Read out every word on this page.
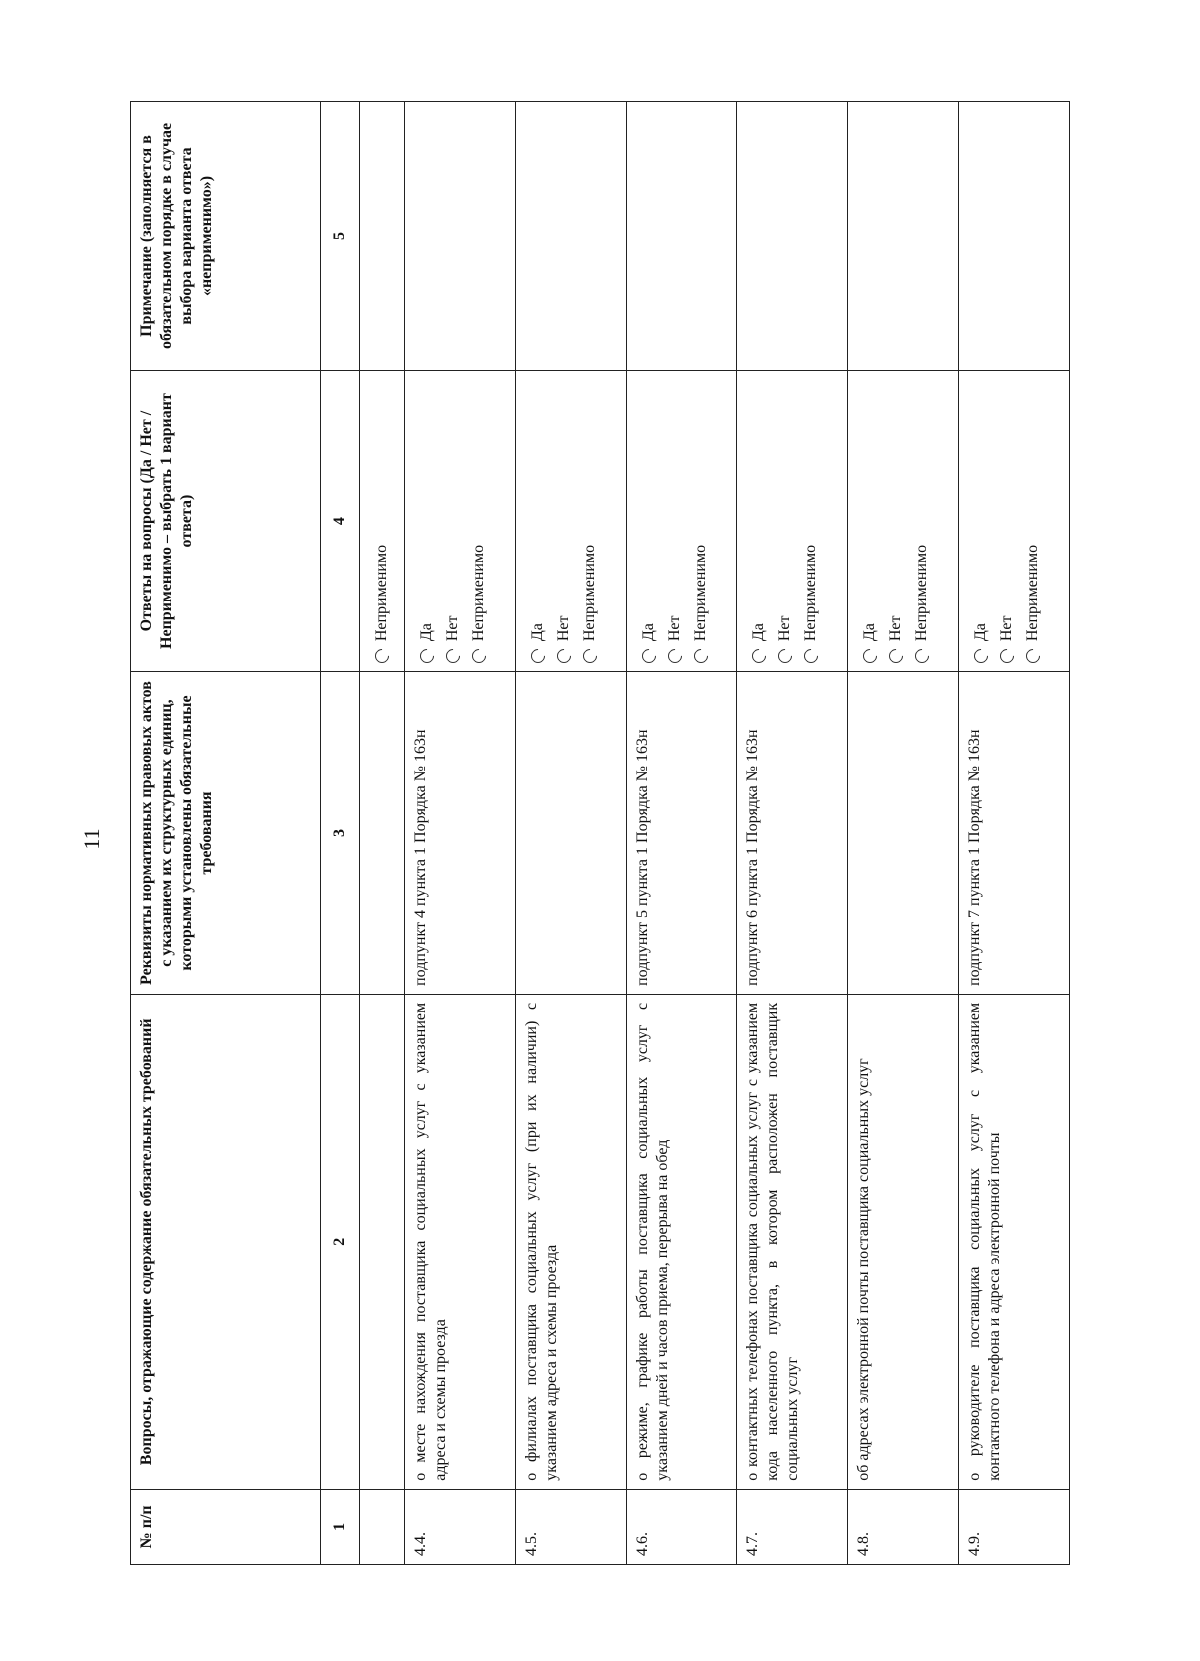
11
№ п/п	Вопросы, отражающие содержание обязательных требований	Реквизиты нормативных правовых актов с указанием их структурных единиц, которыми установлены обязательные требования	Ответы на вопросы (Да / Нет / Неприменимо – выбрать 1 вариант ответа)	Примечание (заполняется в обязательном порядке в случае выбора варианта ответа «неприменимо»)
1	2	3	4	5

			Неприменимо	

4.4.	о месте нахождения поставщика социальных услуг с указанием адреса и схемы проезда	подпункт 4 пункта 1 Порядка № 163н	Да Нет Неприменимо	

4.5.	о филиалах поставщика социальных услуг (при их наличии) с указанием адреса и схемы проезда		Да Нет Неприменимо	

4.6.	о режиме, графике работы поставщика социальных услуг с указанием дней и часов приема, перерыва на обед	подпункт 5 пункта 1 Порядка № 163н	Да Нет Неприменимо	

4.7.	о контактных телефонах поставщика социальных услуг с указанием кода населенного пункта, в котором расположен поставщик социальных услуг	подпункт 6 пункта 1 Порядка № 163н	Да Нет Неприменимо	

4.8.	об адресах электронной почты поставщика социальных услуг		Да Нет Неприменимо	

4.9.	о руководителе поставщика социальных услуг с указанием контактного телефона и адреса электронной почты	подпункт 7 пункта 1 Порядка № 163н	Да Нет Неприменимо	
